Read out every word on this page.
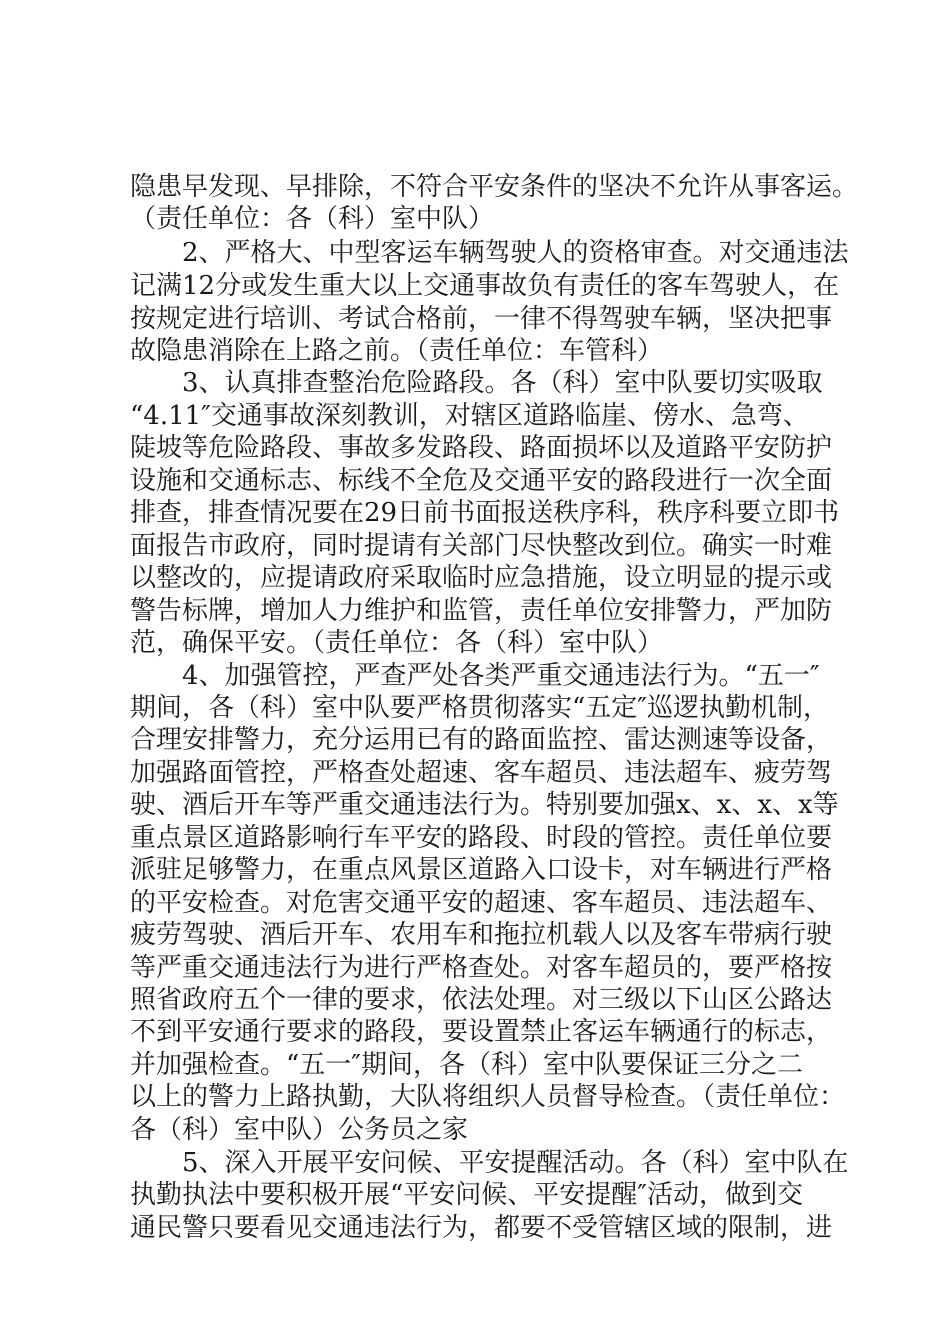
隐患早发现、早排除，不符合平安条件的坚决不允许从事客运。
（责任单位：各（科）室中队）
　　2、严格大、中型客运车辆驾驶人的资格审查。对交通违法
记满12分或发生重大以上交通事故负有责任的客车驾驶人，在
按规定进行培训、考试合格前，一律不得驾驶车辆，坚决把事
故隐患消除在上路之前。（责任单位：车管科）
　　3、认真排查整治危险路段。各（科）室中队要切实吸取
“4.11″交通事故深刻教训，对辖区道路临崖、傍水、急弯、
陡坡等危险路段、事故多发路段、路面损坏以及道路平安防护
设施和交通标志、标线不全危及交通平安的路段进行一次全面
排查，排查情况要在29日前书面报送秩序科，秩序科要立即书
面报告市政府，同时提请有关部门尽快整改到位。确实一时难
以整改的，应提请政府采取临时应急措施，设立明显的提示或
警告标牌，增加人力维护和监管，责任单位安排警力，严加防
范，确保平安。（责任单位：各（科）室中队）
　　4、加强管控，严查严处各类严重交通违法行为。“五一″
期间，各（科）室中队要严格贯彻落实“五定″巡逻执勤机制，
合理安排警力，充分运用已有的路面监控、雷达测速等设备，
加强路面管控，严格查处超速、客车超员、违法超车、疲劳驾
驶、酒后开车等严重交通违法行为。特别要加强x、x、x、x等
重点景区道路影响行车平安的路段、时段的管控。责任单位要
派驻足够警力，在重点风景区道路入口设卡，对车辆进行严格
的平安检查。对危害交通平安的超速、客车超员、违法超车、
疲劳驾驶、酒后开车、农用车和拖拉机载人以及客车带病行驶
等严重交通违法行为进行严格查处。对客车超员的，要严格按
照省政府五个一律的要求，依法处理。对三级以下山区公路达
不到平安通行要求的路段，要设置禁止客运车辆通行的标志，
并加强检查。“五一″期间，各（科）室中队要保证三分之二
以上的警力上路执勤，大队将组织人员督导检查。（责任单位：
各（科）室中队）公务员之家
　　5、深入开展平安问候、平安提醒活动。各（科）室中队在
执勤执法中要积极开展“平安问候、平安提醒″活动，做到交
通民警只要看见交通违法行为，都要不受管辖区域的限制，进
